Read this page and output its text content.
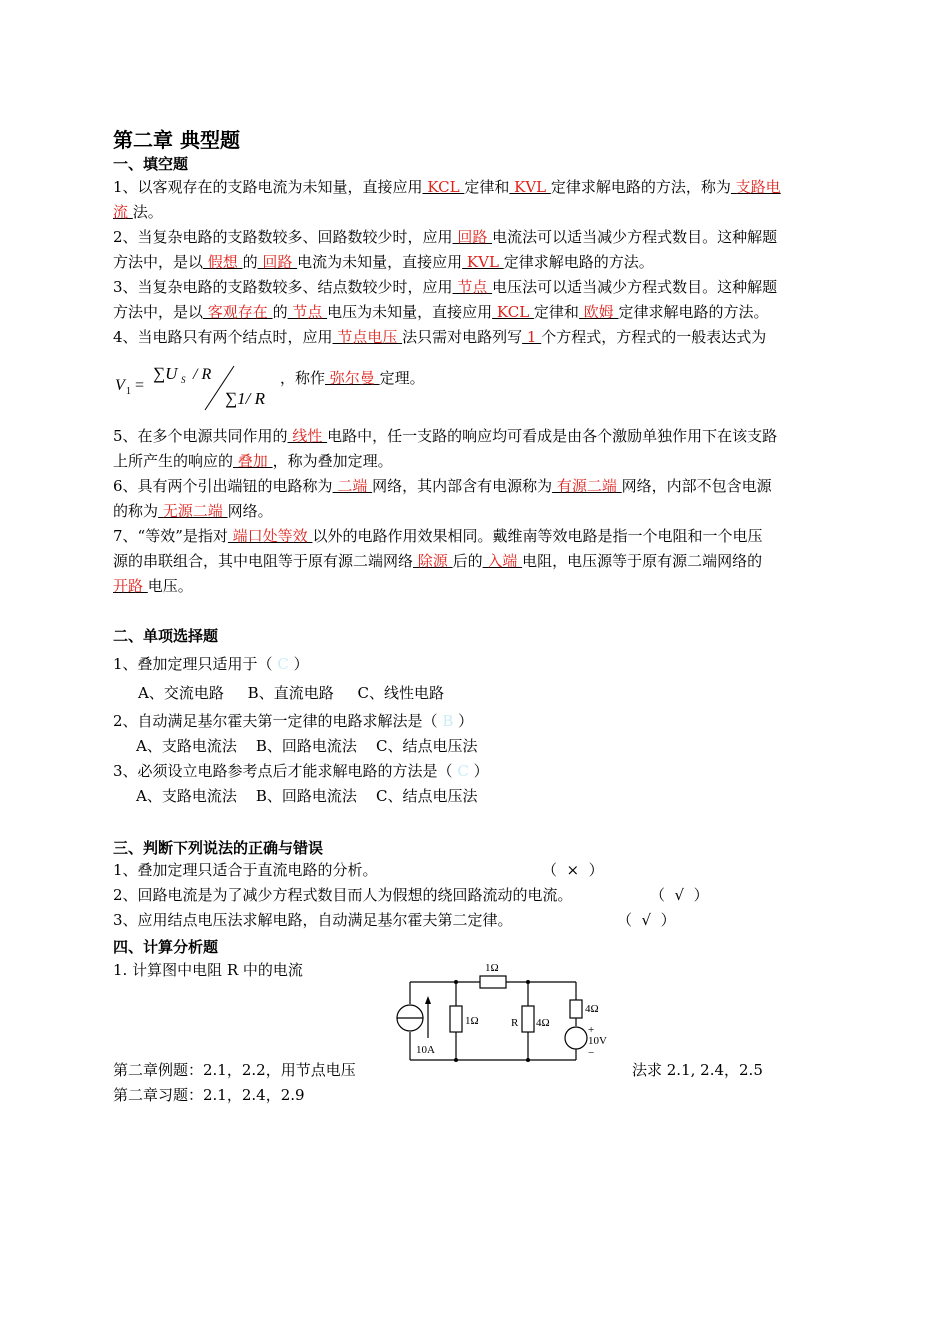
第二章 典型题
一、填空题
1、以客观存在的支路电流为未知量，直接应用 KCL 定律和 KVL 定律求解电路的方法，称为 支路电
流 法。
2、当复杂电路的支路数较多、回路数较少时，应用 回路 电流法可以适当减少方程式数目。这种解题
方法中，是以 假想 的 回路 电流为未知量，直接应用 KVL 定律求解电路的方法。
3、当复杂电路的支路数较多、结点数较少时，应用 节点 电压法可以适当减少方程式数目。这种解题
方法中，是以 客观存在 的 节点 电压为未知量，直接应用 KCL 定律和 欧姆 定律求解电路的方法。
4、当电路只有两个结点时，应用 节点电压 法只需对电路列写 1 个方程式，方程式的一般表达式为
V 1 =
∑U S / R
∑1/ R
，称作 弥尔曼 定理。
5、在多个电源共同作用的 线性 电路中，任一支路的响应均可看成是由各个激励单独作用下在该支路
上所产生的响应的 叠加 ，称为叠加定理。
6、具有两个引出端钮的电路称为 二端 网络，其内部含有电源称为 有源二端 网络，内部不包含电源
的称为 无源二端 网络。
7、“等效”是指对 端口处等效 以外的电路作用效果相同。戴维南等效电路是指一个电阻和一个电压
源的串联组合，其中电阻等于原有源二端网络 除源 后的 入端 电阻，电压源等于原有源二端网络的
开路 电压。
二、单项选择题
1、叠加定理只适用于（ C ）
A、交流电路     B、直流电路     C、线性电路
2、自动满足基尔霍夫第一定律的电路求解法是（ B ）
A、支路电流法    B、回路电流法    C、结点电压法
3、必须设立电路参考点后才能求解电路的方法是（ C ）
A、支路电流法    B、回路电流法    C、结点电压法
三、判断下列说法的正确与错误
1、叠加定理只适合于直流电路的分析。	（  ×  ）
2、回路电流是为了减少方程式数目而人为假想的绕回路流动的电流。	（  √  ）
3、应用结点电压法求解电路，自动满足基尔霍夫第二定律。	（  √  ）
四、计算分析题
1. 计算图中电阻 R 中的电流	1Ω
1Ω	R 4Ω
4Ω
+
10V
−
10A
第二章例题：2.1，2.2，用节点电压	法求 2.1, 2.4，2.5
第二章习题：2.1，2.4，2.9
